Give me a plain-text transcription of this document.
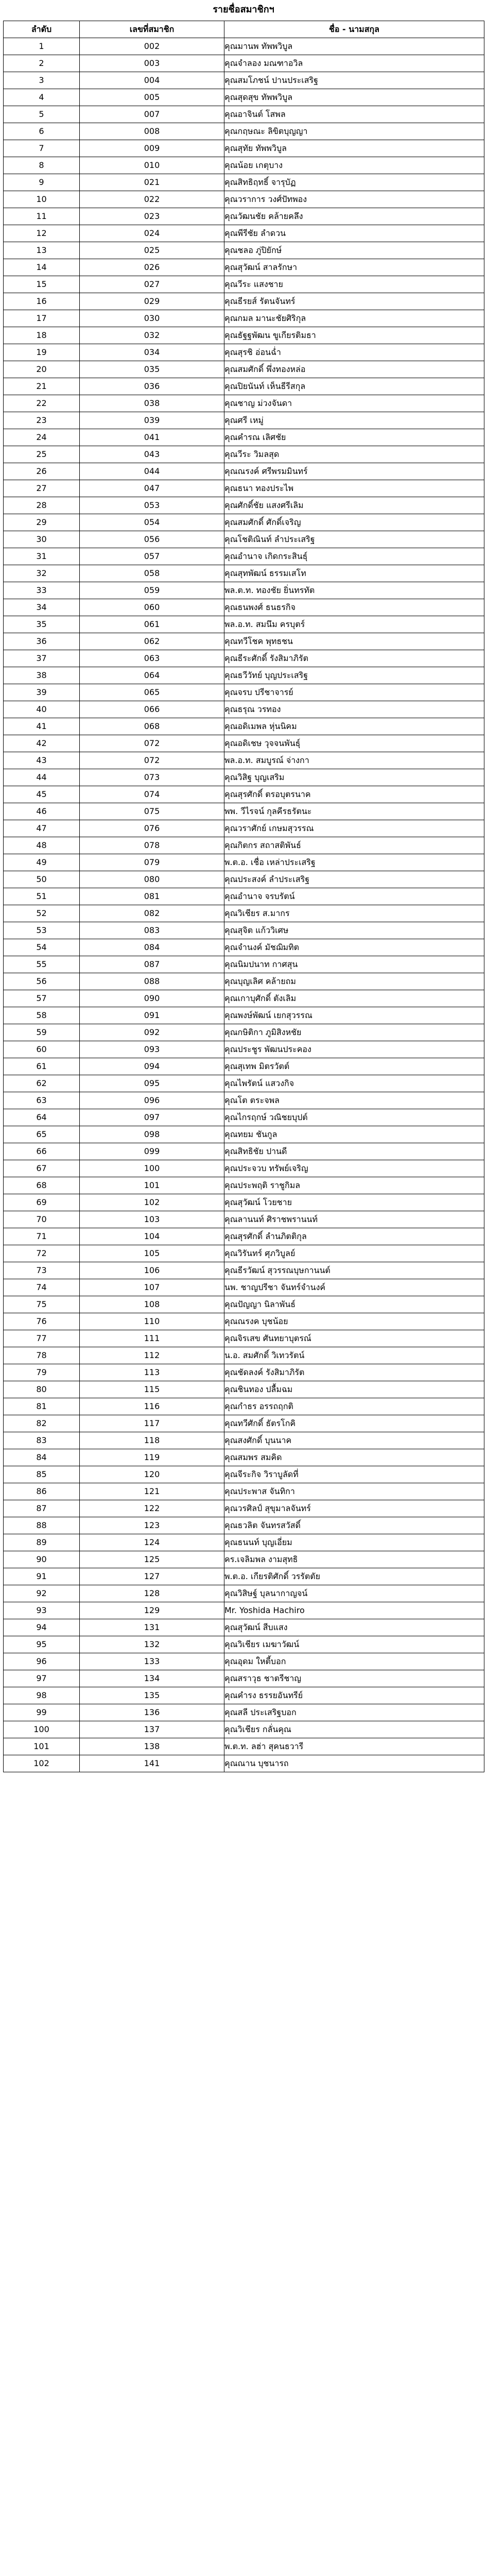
รายชื่อสมาชิกฯ
ลำดับ	เลขที่สมาชิก	ชื่อ - นามสกุล
1	002	คุณมานพ ทัพพวิบูล
2	003	คุณจำลอง มณฑาอวิล
3	004	คุณสมโภชน์ ปานประเสริฐ
4	005	คุณสุดสุข ทัพพวิบูล
5	007	คุณอาจินต์ โสพล
6	008	คุณกฤษณะ ลิขิตบุญญา
7	009	คุณสุทัย ทัพพวิบูล
8	010	คุณน้อย เกตุบาง
9	021	คุณสิทธิฤทธิ์ จารุบัฏ
10	022	คุณวราการ วงศ์ปัทพอง
11	023	คุณวัฒนชัย คล้ายคลึง
12	024	คุณพีรีชัย ลำดวน
13	025	คุณชลอ ภู่ปิยักษ์
14	026	คุณสุวัฒน์ สาลรักษา
15	027	คุณวีระ แสงชาย
16	029	คุณธีรยส์ รัตนจันทร์
17	030	คุณกมล มานะชัยศิริกุล
18	032	คุณธัฐฐพัฒน ขูเกียรติมธา
19	034	คุณสุรชิ อ่อนฉ่ำ
20	035	คุณสมศักดิ์ พึ่งทองหล่อ
21	036	คุณปิยนันท์ เห็นธีรีสกุล
22	038	คุณชาญ ม่วงจันดา
23	039	คุณศรี เหมู่
24	041	คุณคำรณ เลิศชัย
25	043	คุณวีระ วิมลสุด
26	044	คุณณรงค์ ศรีพรมมินทร์
27	047	คุณธนา ทองประไพ
28	053	คุณศักดิ์ชัย แสงศรีเลิม
29	054	คุณสมศักดิ์ ศักดิ์เจริญ
30	056	คุณโชติณินท์ ลำประเสริฐ
31	057	คุณอำนาจ เกิดกระสินธุ์
32	058	คุณสุทพัฒน์ ธรรมเสโท
33	059	พล.ต.ท. ทองชัย ยิ่นทรทัต
34	060	คุณธนพงศ์ ธนธรกิจ
35	061	พล.อ.ท. สมนึม ครบุตร์
36	062	คุณทวีโชค พุทธชน
37	063	คุณธีระศักดิ์ รังสิมาภิรัต
38	064	คุณธวีวัทย์ บุญประเสริฐ
39	065	คุณจรบ ปรีชาจารย์
40	066	คุณธรุณ วรทอง
41	068	คุณอดิเมพล หุ่นนิคม
42	072	คุณอดิเชษ วุจจนพันธุ์
43	072	พล.อ.ท. สมบูรณ์ จ่างกา
44	073	คุณวิสิฐ บุญเสริม
45	074	คุณสุรศักดิ์ ตรอบุตรนาค
46	075	พพ. วีไรจน์ กุลคีรธรัตนะ
47	076	คุณวราศักย์ เกษมสุวรรณ
48	078	คุณกิตกร สถาสติพันธ์
49	079	พ.ต.อ. เชื่อ เหล่าประเสริฐ
50	080	คุณประสงค์ ลำประเสริฐ
51	081	คุณอำนาจ จรบรัตน์
52	082	คุณวิเชียร ส.มากร
53	083	คุณสุจิต แก้ววิเศษ
54	084	คุณจำนงค์ มัชฌิมทิต
55	087	คุณนิมปนาท กาศสุน
56	088	คุณบุญเลิศ คล้ายถม
57	090	คุณเกาบุศักดิ์ ตังเลิม
58	091	คุณพงษ์พัฒน์ เยกสุวรรณ
59	092	คุณกษิติกา ภูมิสิงหชัย
60	093	คุณประชูร พัฒนประคอง
61	094	คุณสุเทพ มิตรวัตต์
62	095	คุณไพรัตน์ แสวงกิจ
63	096	คุณโต ตระจพล
64	097	คุณไกรฤกษ์ วณิชยบุปต์
65	098	คุณทยม ชันกูล
66	099	คุณสิทธิชัย ปานดี
67	100	คุณประจวบ ทรัพย์เจริญ
68	101	คุณประพฤติ ราชูกิมล
69	102	คุณสุวัฒน์ โวยชาย
70	103	คุณลานนท์ ศิราชพรานนท์
71	104	คุณสุรศักดิ์ ลำนภิตติกุล
72	105	คุณวิรันทร์ ศุภวิบูลย์
73	106	คุณธีรวัฒน์ สุวรรณบุษกานนต์
74	107	นพ. ชาญปรีชา จันทร์จำนงค์
75	108	คุณปัญญา นิลาพันธ์
76	110	คุณณรงค บุชน้อย
77	111	คุณจิรเสข ศันทยาบุตรณ์
78	112	น.อ. สมศักดิ์ วิเทวรัตน์
79	113	คุณชัดลงค์ รังสิมาภิรัต
80	115	คุณชินทอง ปลื้มฉม
81	116	คุณกำธร อรรถฤกติ
82	117	คุณทวีศักดิ์ ธัตรโกคิ
83	118	คุณสงศักดิ์ บุนนาค
84	119	คุณสมพร สมคิด
85	120	คุณจีระกิจ วิราบูลัดที่
86	121	คุณประพาส จันทิกา
87	122	คุณวรศิลป์ สุขุมาลจันทร์
88	123	คุณธวลิต จันทรสวัสดิ์
89	124	คุณธนนท์ บุญเอี่ยม
90	125	คร.เจลิมพล งามสุทธิ
91	127	พ.ต.อ. เกียรติศักดิ์ วรรัตตัย
92	128	คุณวิสิษฐ์ บุลนากาญจน์
93	129	Mr. Yoshida Hachiro
94	131	คุณสุวัฒน์ สีบแสง
95	132	คุณวิเชียร เมฆาวัฒน์
96	133	คุณอุดม ใหตี้บอก
97	134	คุณสราวุธ ชาตรีชาญ
98	135	คุณคำรง ธรรยอันทรีย์
99	136	คุณสลี ประเสริฐบอก
100	137	คุณวิเชียร กลั่นคุณ
101	138	พ.ต.ท. ลฮ่า สุคนธวารี
102	141	คุณณาน บุชนารถ
